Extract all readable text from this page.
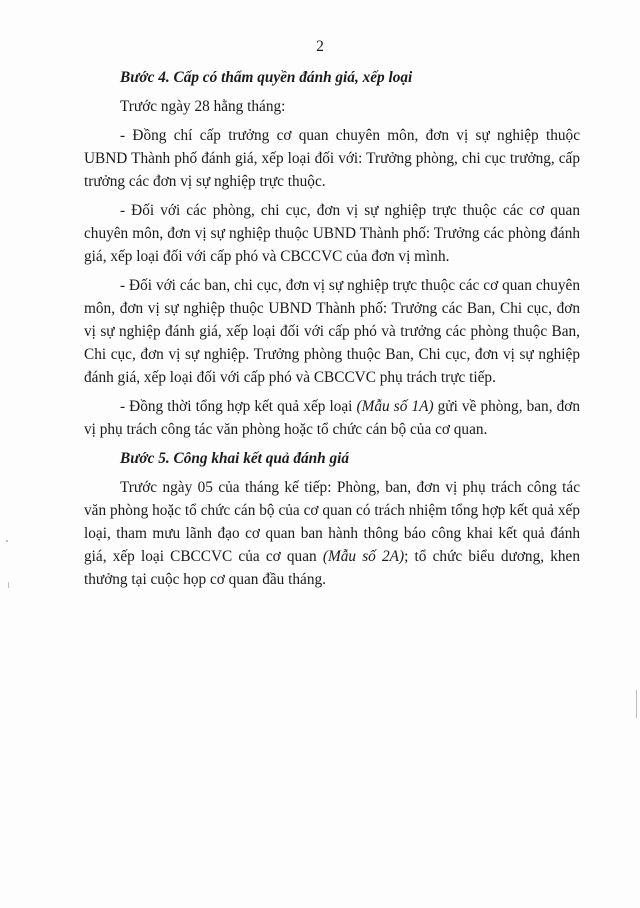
2

Bước 4. Cấp có thẩm quyền đánh giá, xếp loại

Trước ngày 28 hằng tháng:

- Đồng chí cấp trưởng cơ quan chuyên môn, đơn vị sự nghiệp thuộc UBND Thành phố đánh giá, xếp loại đối với: Trưởng phòng, chi cục trưởng, cấp trưởng các đơn vị sự nghiệp trực thuộc.

- Đối với các phòng, chi cục, đơn vị sự nghiệp trực thuộc các cơ quan chuyên môn, đơn vị sự nghiệp thuộc UBND Thành phố: Trưởng các phòng đánh giá, xếp loại đối với cấp phó và CBCCVC của đơn vị mình.

- Đối với các ban, chi cục, đơn vị sự nghiệp trực thuộc các cơ quan chuyên môn, đơn vị sự nghiệp thuộc UBND Thành phố: Trưởng các Ban, Chi cục, đơn vị sự nghiệp đánh giá, xếp loại đối với cấp phó và trưởng các phòng thuộc Ban, Chi cục, đơn vị sự nghiệp. Trưởng phòng thuộc Ban, Chi cục, đơn vị sự nghiệp đánh giá, xếp loại đối với cấp phó và CBCCVC phụ trách trực tiếp.

- Đồng thời tổng hợp kết quả xếp loại (Mẫu số 1A) gửi về phòng, ban, đơn vị phụ trách công tác văn phòng hoặc tổ chức cán bộ của cơ quan.

Bước 5. Công khai kết quả đánh giá

Trước ngày 05 của tháng kế tiếp: Phòng, ban, đơn vị phụ trách công tác văn phòng hoặc tổ chức cán bộ của cơ quan có trách nhiệm tổng hợp kết quả xếp loại, tham mưu lãnh đạo cơ quan ban hành thông báo công khai kết quả đánh giá, xếp loại CBCCVC của cơ quan (Mẫu số 2A); tổ chức biểu dương, khen thưởng tại cuộc họp cơ quan đầu tháng.
